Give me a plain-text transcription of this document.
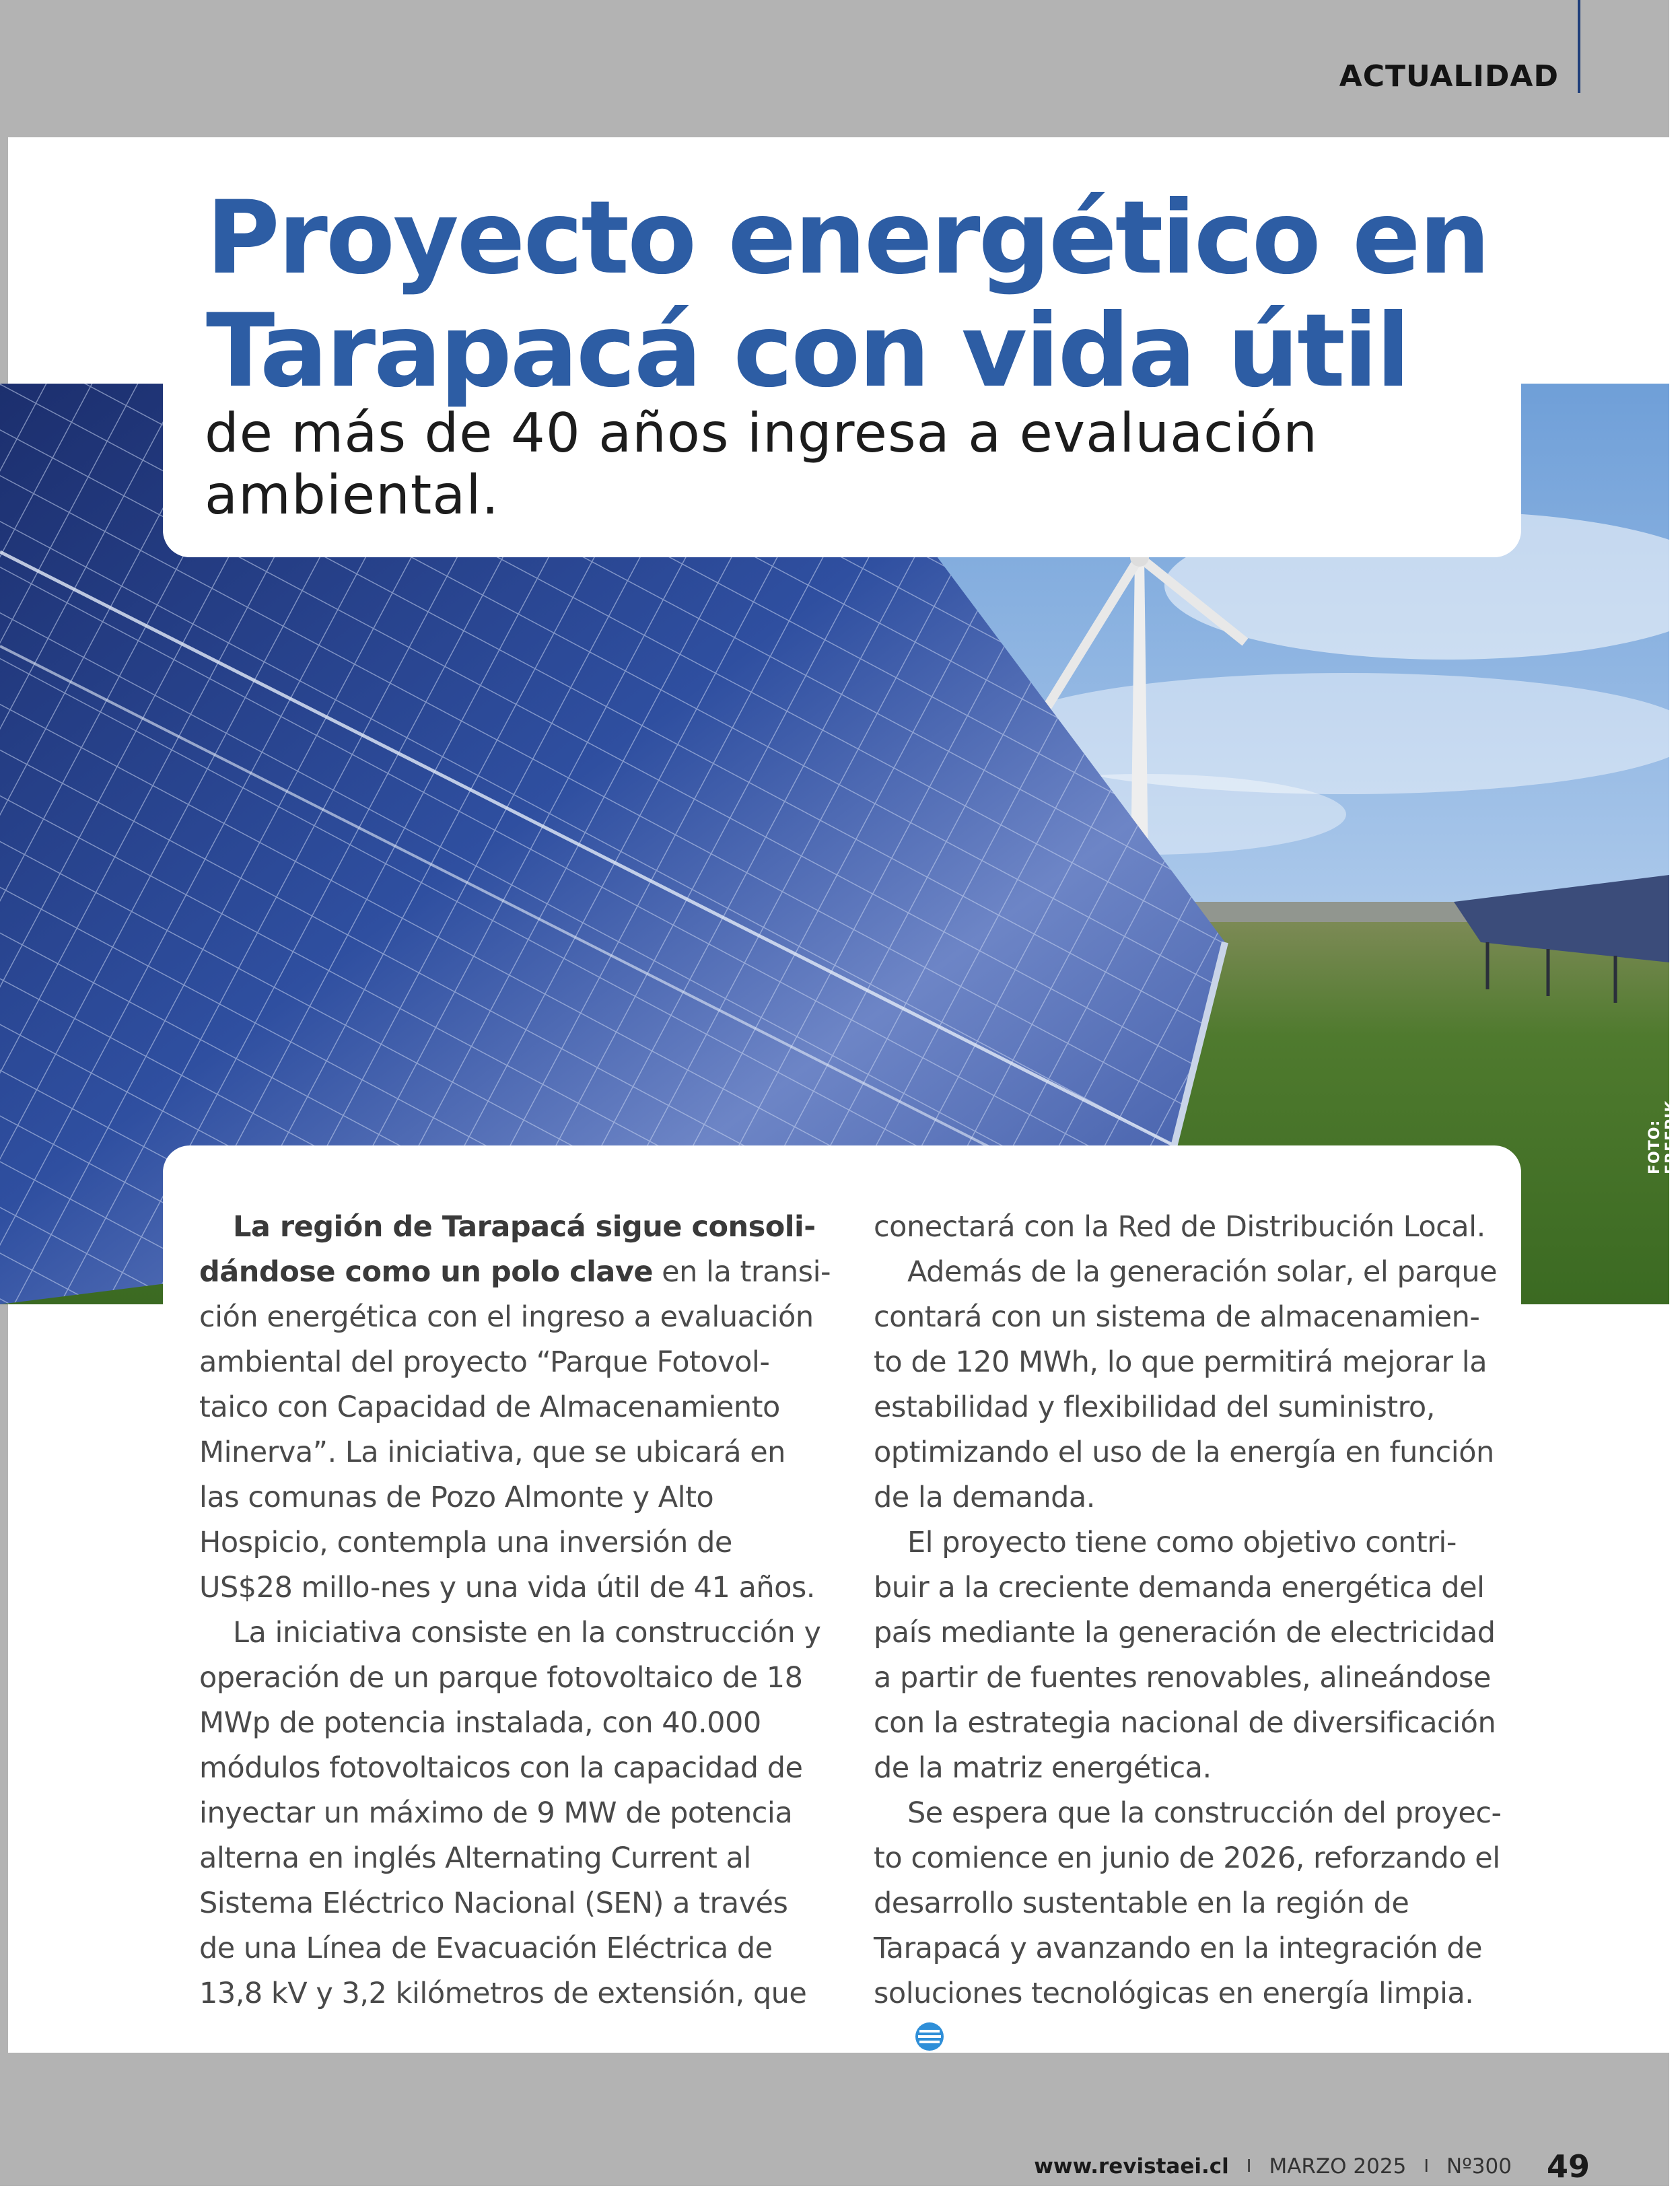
ACTUALIDAD
Proyecto energético en Tarapacá con vida útil

de más de 40 años ingresa a evaluación ambiental.

FOTO: FREEPIK

La región de Tarapacá sigue consoli-dándose como un polo clave en la transi-ción energética con el ingreso a evaluación ambiental del proyecto “Parque Fotovol-taico con Capacidad de Almacenamiento Minerva”. La iniciativa, que se ubicará en las comunas de Pozo Almonte y Alto Hospicio, contempla una inversión de US$28 millo-nes y una vida útil de 41 años.

La iniciativa consiste en la construcción y operación de un parque fotovoltaico de 18 MWp de potencia instalada, con 40.000 módulos fotovoltaicos con la capacidad de inyectar un máximo de 9 MW de potencia alterna en inglés Alternating Current al Sistema Eléctrico Nacional (SEN) a través de una Línea de Evacuación Eléctrica de 13,8 kV y 3,2 kilómetros de extensión, que

conectará con la Red de Distribución Local.

Además de la generación solar, el parque contará con un sistema de almacenamien-to de 120 MWh, lo que permitirá mejorar la estabilidad y flexibilidad del suministro, optimizando el uso de la energía en función de la demanda.

El proyecto tiene como objetivo contri-buir a la creciente demanda energética del país mediante la generación de electricidad a partir de fuentes renovables, alineándose con la estrategia nacional de diversificación de la matriz energética.

Se espera que la construcción del proyec-to comience en junio de 2026, reforzando el desarrollo sustentable en la región de Tarapacá y avanzando en la integración de soluciones tecnológicas en energía limpia.

www.revistaei.cl I MARZO 2025 I Nº300 49
